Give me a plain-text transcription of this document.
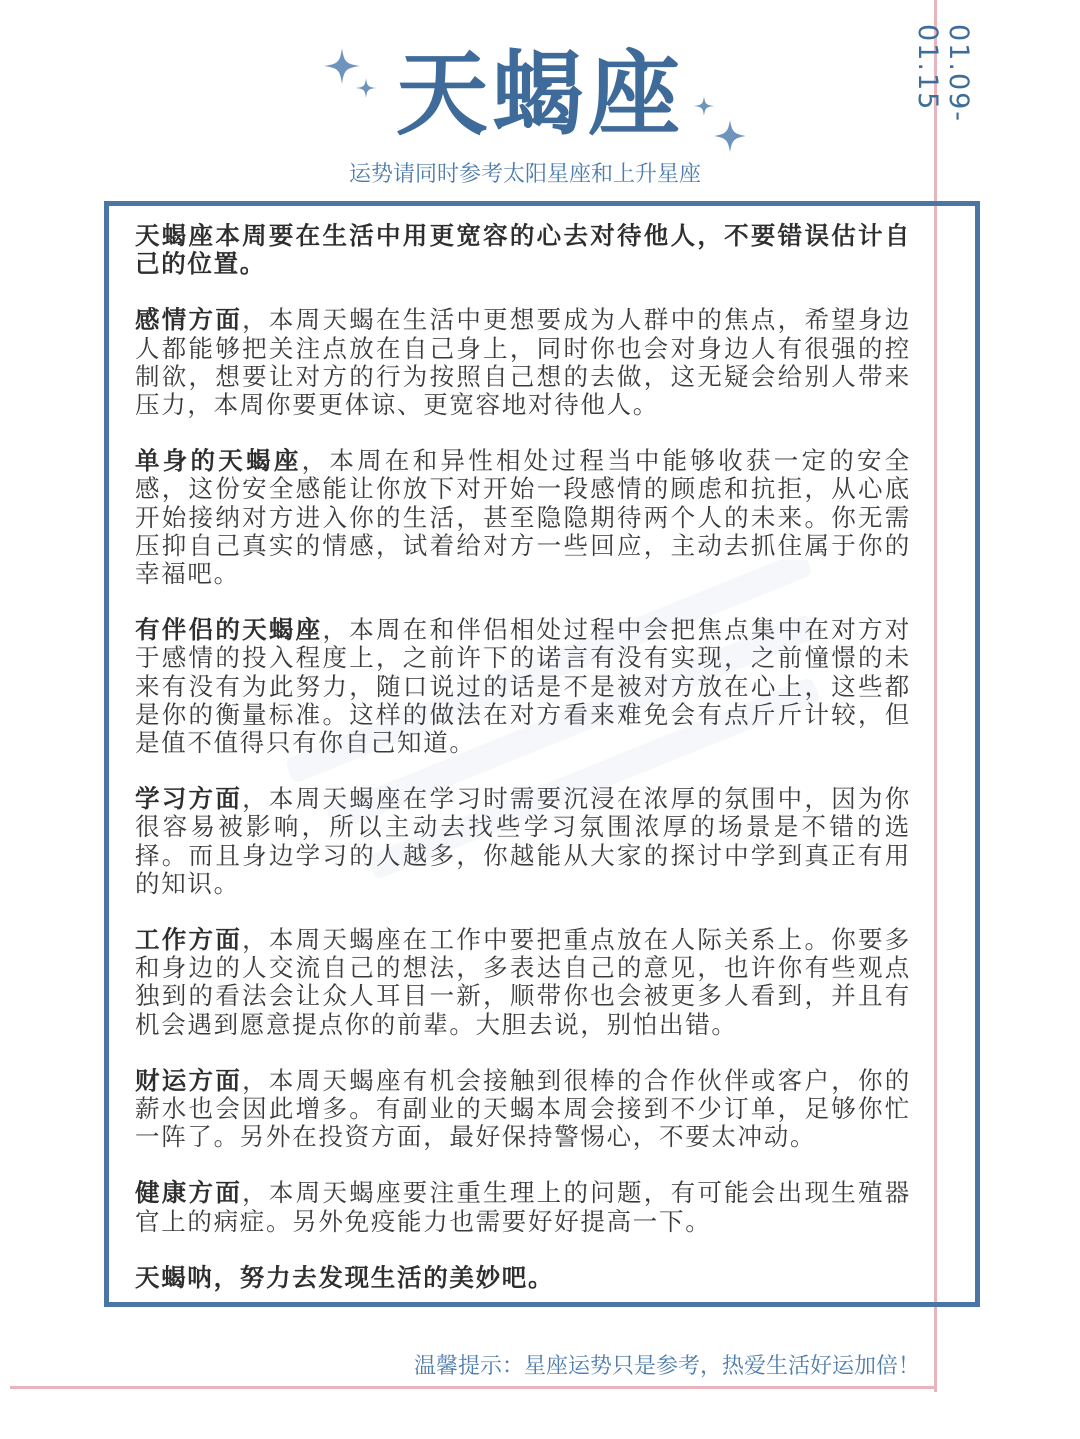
01.09-01.15
天蝎座
运势请同时参考太阳星座和上升星座

天蝎座本周要在生活中用更宽容的心去对待他人，不要错误估计自己的位置。

感情方面，本周天蝎在生活中更想要成为人群中的焦点，希望身边人都能够把关注点放在自己身上，同时你也会对身边人有很强的控制欲，想要让对方的行为按照自己想的去做，这无疑会给别人带来压力，本周你要更体谅、更宽容地对待他人。

单身的天蝎座，本周在和异性相处过程当中能够收获一定的安全感，这份安全感能让你放下对开始一段感情的顾虑和抗拒，从心底开始接纳对方进入你的生活，甚至隐隐期待两个人的未来。你无需压抑自己真实的情感，试着给对方一些回应，主动去抓住属于你的幸福吧。

有伴侣的天蝎座，本周在和伴侣相处过程中会把焦点集中在对方对于感情的投入程度上，之前许下的诺言有没有实现，之前憧憬的未来有没有为此努力，随口说过的话是不是被对方放在心上，这些都是你的衡量标准。这样的做法在对方看来难免会有点斤斤计较，但是值不值得只有你自己知道。

学习方面，本周天蝎座在学习时需要沉浸在浓厚的氛围中，因为你很容易被影响，所以主动去找些学习氛围浓厚的场景是不错的选择。而且身边学习的人越多，你越能从大家的探讨中学到真正有用的知识。

工作方面，本周天蝎座在工作中要把重点放在人际关系上。你要多和身边的人交流自己的想法，多表达自己的意见，也许你有些观点独到的看法会让众人耳目一新，顺带你也会被更多人看到，并且有机会遇到愿意提点你的前辈。大胆去说，别怕出错。

财运方面，本周天蝎座有机会接触到很棒的合作伙伴或客户，你的薪水也会因此增多。有副业的天蝎本周会接到不少订单，足够你忙一阵了。另外在投资方面，最好保持警惕心，不要太冲动。

健康方面，本周天蝎座要注重生理上的问题，有可能会出现生殖器官上的病症。另外免疫能力也需要好好提高一下。

天蝎呐，努力去发现生活的美妙吧。

温馨提示：星座运势只是参考，热爱生活好运加倍！
